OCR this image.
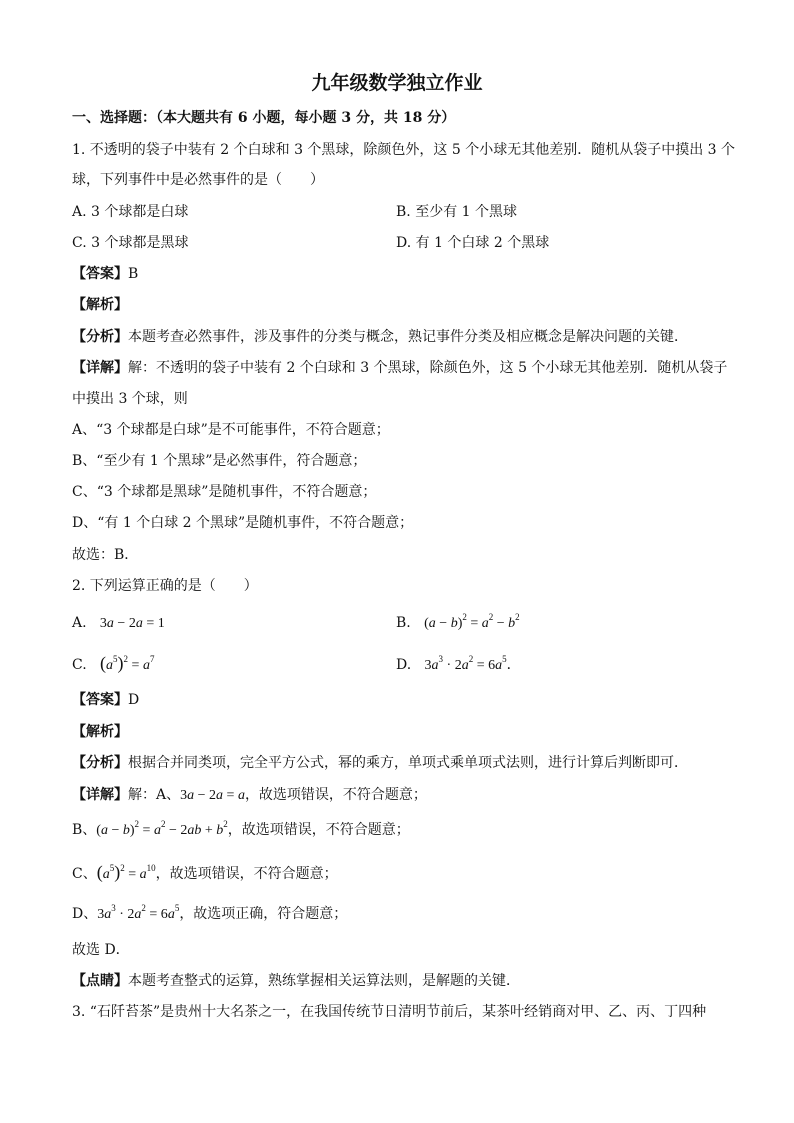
九年级数学独立作业
一、选择题：（本大题共有 6 小题，每小题 3 分，共 18 分）
1. 不透明的袋子中装有 2 个白球和 3 个黑球，除颜色外，这 5 个小球无其他差别．随机从袋子中摸出 3 个
球，下列事件中是必然事件的是（　　）
A. 3 个球都是白球	B. 至少有 1 个黑球
C. 3 个球都是黑球	D. 有 1 个白球 2 个黑球
【答案】B
【解析】
【分析】本题考查必然事件，涉及事件的分类与概念，熟记事件分类及相应概念是解决问题的关键．
【详解】解：不透明的袋子中装有 2 个白球和 3 个黑球，除颜色外，这 5 个小球无其他差别．随机从袋子
中摸出 3 个球，则
A、“3 个球都是白球”是不可能事件，不符合题意；
B、“至少有 1 个黑球”是必然事件，符合题意；
C、“3 个球都是黑球”是随机事件，不符合题意；
D、“有 1 个白球 2 个黑球”是随机事件，不符合题意；
故选：B．
2. 下列运算正确的是（　　）
A. 3a − 2a = 1	B. $(a - b)^2 = a^2 - b^2$
C. $(a^5)^2 = a^7$	D. $3a^3 \cdot 2a^2 = 6a^5$．
【答案】D
【解析】
【分析】根据合并同类项，完全平方公式，幂的乘方，单项式乘单项式法则，进行计算后判断即可．
【详解】解：A、3a − 2a = a，故选项错误，不符合题意；
B、$(a - b)^2 = a^2 - 2ab + b^2$，故选项错误，不符合题意；
C、$(a^5)^2 = a^{10}$，故选项错误，不符合题意；
D、$3a^3 \cdot 2a^2 = 6a^5$，故选项正确，符合题意；
故选 D．
【点睛】本题考查整式的运算，熟练掌握相关运算法则，是解题的关键．
3. “石阡苔茶”是贵州十大名茶之一，在我国传统节日清明节前后，某茶叶经销商对甲、乙、丙、丁四种
